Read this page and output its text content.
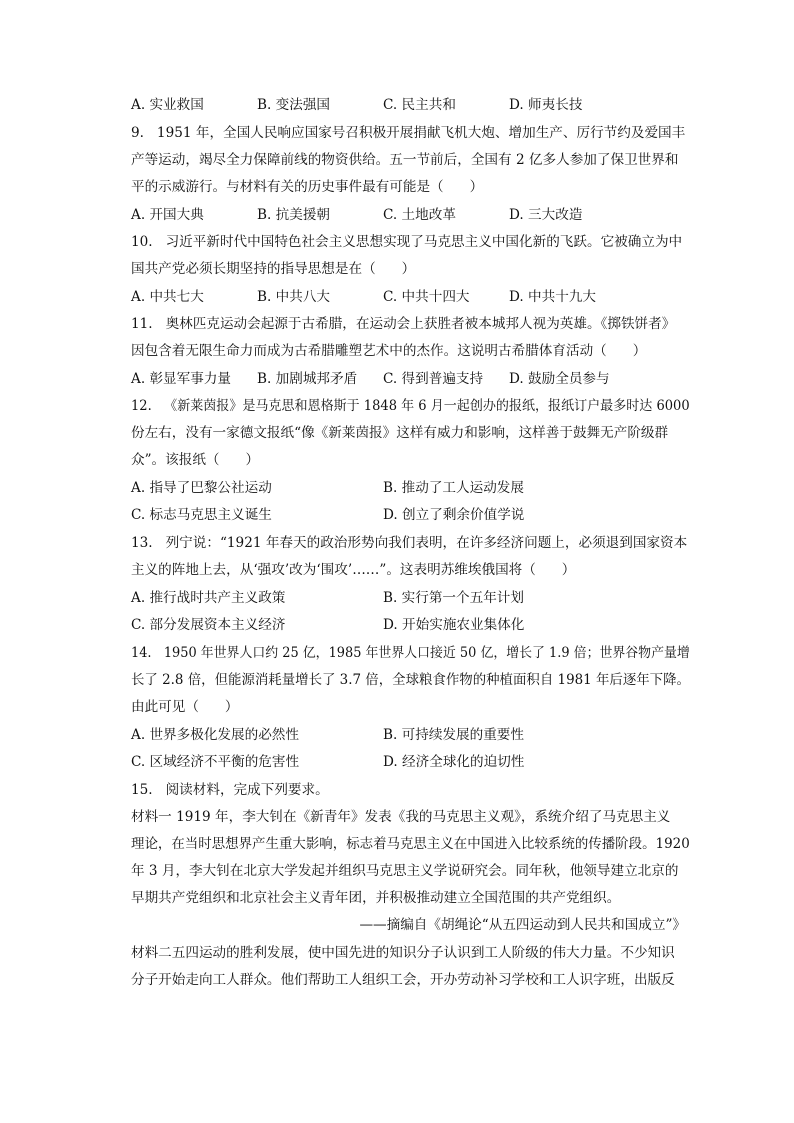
A. 实业救国	B. 变法强国	C. 民主共和	D. 师夷长技
9.   1951 年，全国人民响应国家号召积极开展捐献飞机大炮、增加生产、厉行节约及爱国丰
产等运动，竭尽全力保障前线的物资供给。五一节前后，全国有 2 亿多人参加了保卫世界和
平的示威游行。与材料有关的历史事件最有可能是（      ）
A. 开国大典	B. 抗美援朝	C. 土地改革	D. 三大改造
10.   习近平新时代中国特色社会主义思想实现了马克思主义中国化新的飞跃。它被确立为中
国共产党必须长期坚持的指导思想是在（      ）
A. 中共七大	B. 中共八大	C. 中共十四大	D. 中共十九大
11.   奥林匹克运动会起源于古希腊，在运动会上获胜者被本城邦人视为英雄。《掷铁饼者》
因包含着无限生命力而成为古希腊雕塑艺术中的杰作。这说明古希腊体育活动（      ）
A. 彰显军事力量 B. 加剧城邦矛盾 C. 得到普遍支持 D. 鼓励全员参与
12.   《新莱茵报》是马克思和恩格斯于 1848 年 6 月一起创办的报纸，报纸订户最多时达 6000
份左右，没有一家德文报纸“像《新莱茵报》这样有威力和影响，这样善于鼓舞无产阶级群
众”。该报纸（      ）
A. 指导了巴黎公社运动	B. 推动了工人运动发展
C. 标志马克思主义诞生	D. 创立了剩余价值学说
13.   列宁说：“1921 年春天的政治形势向我们表明，在许多经济问题上，必须退到国家资本
主义的阵地上去，从‘强攻’改为‘围攻’……”。这表明苏维埃俄国将（      ）
A. 推行战时共产主义政策	B. 实行第一个五年计划
C. 部分发展资本主义经济	D. 开始实施农业集体化
14.   1950 年世界人口约 25 亿，1985 年世界人口接近 50 亿，增长了 1.9 倍；世界谷物产量增
长了 2.8 倍，但能源消耗量增长了 3.7 倍，全球粮食作物的种植面积自 1981 年后逐年下降。
由此可见（      ）
A. 世界多极化发展的必然性	B. 可持续发展的重要性
C. 区域经济不平衡的危害性	D. 经济全球化的迫切性
15.   阅读材料，完成下列要求。
材料一 1919 年，李大钊在《新青年》发表《我的马克思主义观》，系统介绍了马克思主义
理论，在当时思想界产生重大影响，标志着马克思主义在中国进入比较系统的传播阶段。1920
年 3 月，李大钊在北京大学发起并组织马克思主义学说研究会。同年秋，他领导建立北京的
早期共产党组织和北京社会主义青年团，并积极推动建立全国范围的共产党组织。
——摘编自《胡绳论“从五四运动到人民共和国成立”》
材料二五四运动的胜利发展，使中国先进的知识分子认识到工人阶级的伟大力量。不少知识
分子开始走向工人群众。他们帮助工人组织工会，开办劳动补习学校和工人识字班，出版反
